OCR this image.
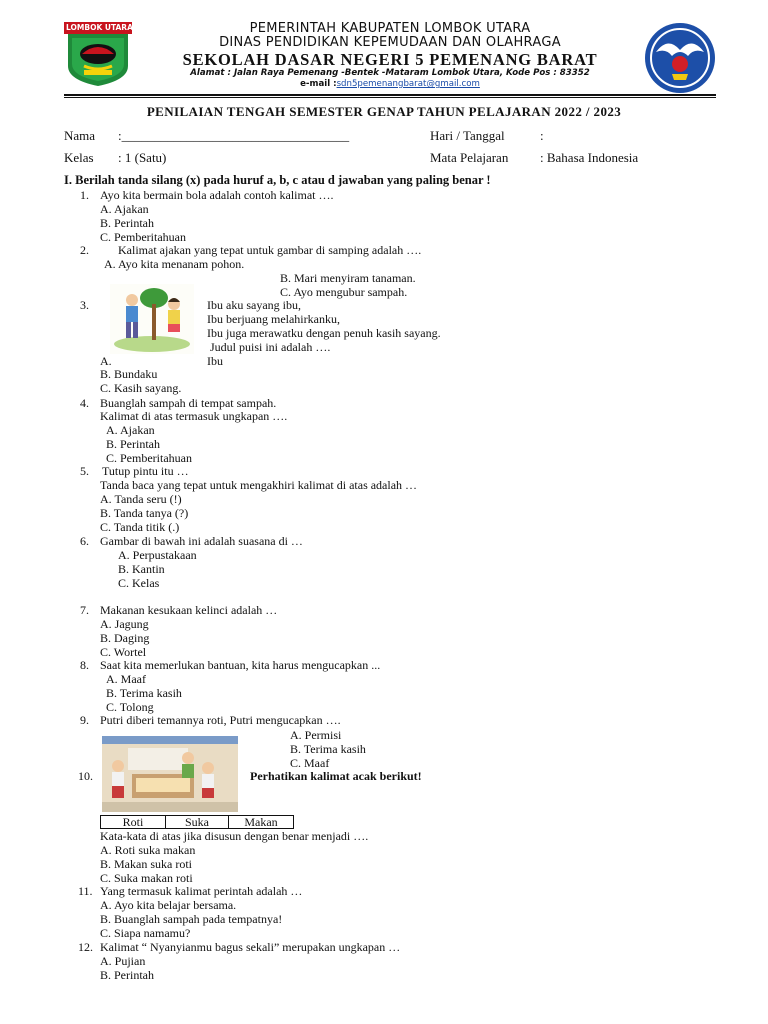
LOMBOK UTARA	PEMERINTAH KABUPATEN LOMBOK UTARA
DINAS PENDIDIKAN KEPEMUDAAN DAN OLAHRAGA
SEKOLAH DASAR NEGERI 5 PEMENANG BARAT
Alamat : Jalan Raya Pemenang -Bentek -Mataram Lombok Utara, Kode Pos : 83352
e-mail :sdn5pemenangbarat@gmail.com
PENILAIAN TENGAH SEMESTER GENAP TAHUN PELAJARAN 2022 / 2023
Nama :___________________________________	Hari / Tanggal	:
Kelas : 1 (Satu)	Mata Pelajaran : Bahasa Indonesia
I. Berilah tanda silang (x) pada huruf a, b, c atau d jawaban yang paling benar !
1. Ayo kita bermain bola adalah contoh kalimat ….
A. Ajakan
B. Perintah
C. Pemberitahuan
2. Kalimat ajakan yang tepat untuk gambar di samping adalah ….
A. Ayo kita menanam pohon.
B. Mari menyiram tanaman.
C. Ayo mengubur sampah.
3.	Ibu aku sayang ibu,
Ibu berjuang melahirkanku,
Ibu juga merawatku dengan penuh kasih sayang.
Judul puisi ini adalah ….
A.	Ibu
B. Bundaku
C. Kasih sayang.
4. Buanglah sampah di tempat sampah.
Kalimat di atas termasuk ungkapan ….
A. Ajakan
B. Perintah
C. Pemberitahuan
5. Tutup pintu itu …
Tanda baca yang tepat untuk mengakhiri kalimat di atas adalah …
A. Tanda seru (!)
B. Tanda tanya (?)
C. Tanda titik (.)
6. Gambar di bawah ini adalah suasana di …
A. Perpustakaan
B. Kantin
C. Kelas
7. Makanan kesukaan kelinci adalah …
A. Jagung
B. Daging
C. Wortel
8. Saat kita memerlukan bantuan, kita harus mengucapkan ...
A. Maaf
B. Terima kasih
C. Tolong
9. Putri diberi temannya roti, Putri mengucapkan ….
A. Permisi
B. Terima kasih
C. Maaf
10.	Perhatikan kalimat acak berikut!
Roti	Suka	Makan
Kata-kata di atas jika disusun dengan benar menjadi ….
A. Roti suka makan
B. Makan suka roti
C. Suka makan roti
11. Yang termasuk kalimat perintah adalah …
A. Ayo kita belajar bersama.
B. Buanglah sampah pada tempatnya!
C. Siapa namamu?
12. Kalimat “ Nyanyianmu bagus sekali” merupakan ungkapan …
A. Pujian
B. Perintah
